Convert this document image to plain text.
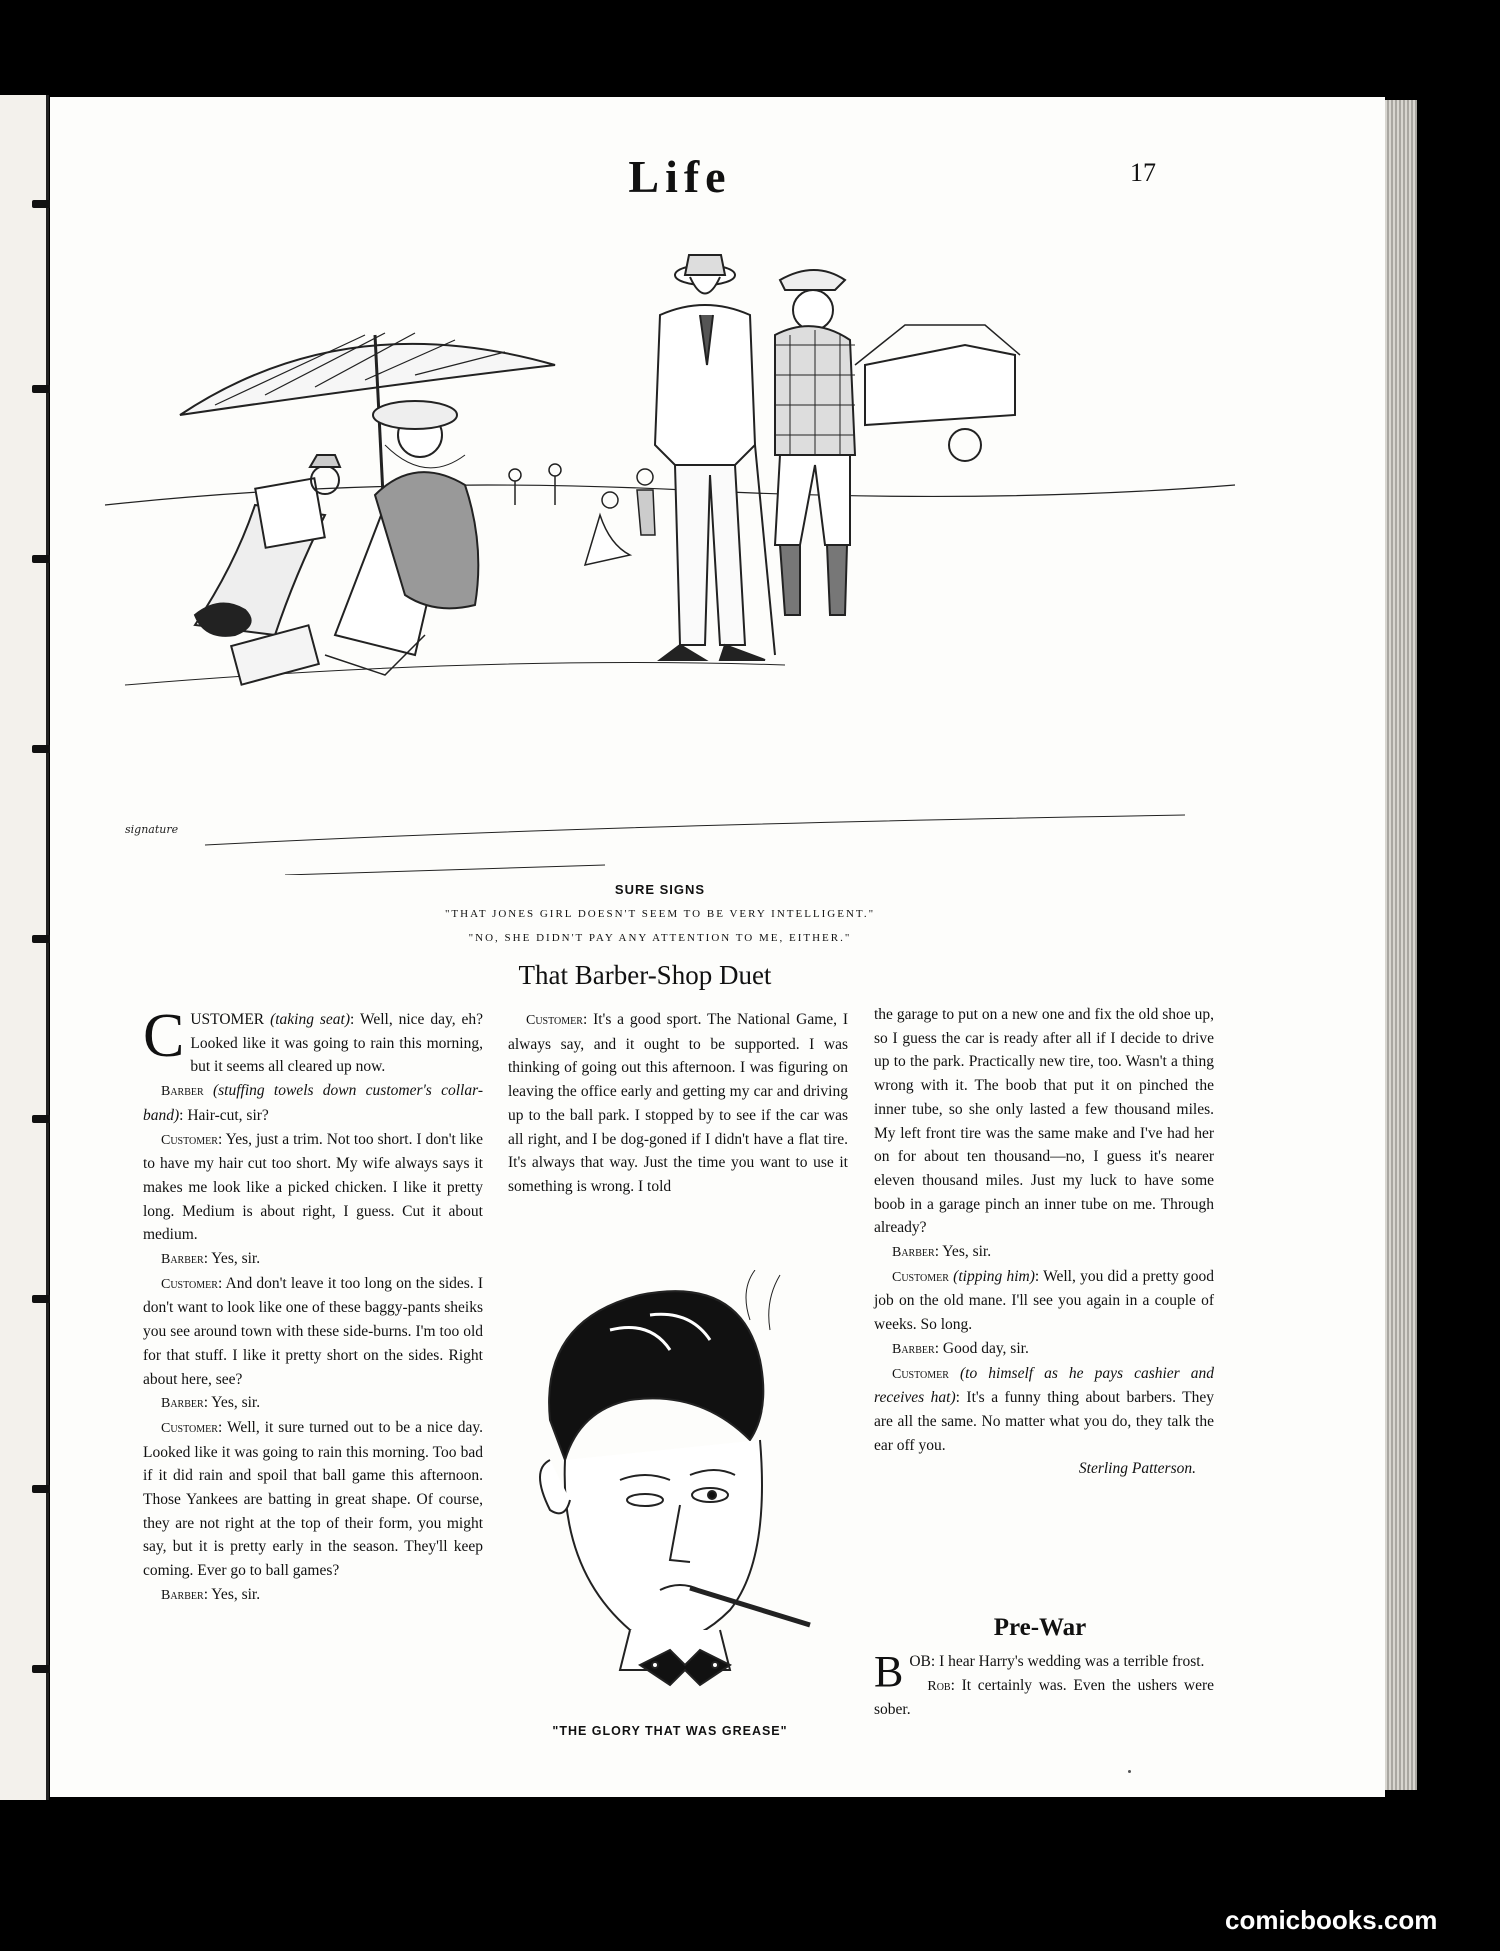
Life	17
signature
SURE SIGNS
"THAT JONES GIRL DOESN'T SEEM TO BE VERY INTELLIGENT."
"NO, SHE DIDN'T PAY ANY ATTENTION TO ME, EITHER."
That Barber-Shop Duet

CUSTOMER (taking seat): Well, nice day, eh? Looked like it was going to rain this morning, but it seems all cleared up now.

Barber (stuffing towels down customer's collar-band): Hair-cut, sir?

Customer: Yes, just a trim. Not too short. I don't like to have my hair cut too short. My wife always says it makes me look like a picked chicken. I like it pretty long. Medium is about right, I guess. Cut it about medium.

Barber: Yes, sir.

Customer: And don't leave it too long on the sides. I don't want to look like one of these baggy-pants sheiks you see around town with these side-burns. I'm too old for that stuff. I like it pretty short on the sides. Right about here, see?

Barber: Yes, sir.

Customer: Well, it sure turned out to be a nice day. Looked like it was going to rain this morning. Too bad if it did rain and spoil that ball game this afternoon. Those Yankees are batting in great shape. Of course, they are not right at the top of their form, you might say, but it is pretty early in the season. They'll keep coming. Ever go to ball games?

Barber: Yes, sir.

Customer: It's a good sport. The National Game, I always say, and it ought to be supported. I was thinking of going out this afternoon. I was figuring on leaving the office early and getting my car and driving up to the ball park. I stopped by to see if the car was all right, and I be dog-goned if I didn't have a flat tire. It's always that way. Just the time you want to use it something is wrong. I told

"THE GLORY THAT WAS GREASE"

the garage to put on a new one and fix the old shoe up, so I guess the car is ready after all if I decide to drive up to the park. Practically new tire, too. Wasn't a thing wrong with it. The boob that put it on pinched the inner tube, so she only lasted a few thousand miles. My left front tire was the same make and I've had her on for about ten thousand—no, I guess it's nearer eleven thousand miles. Just my luck to have some boob in a garage pinch an inner tube on me. Through already?

Barber: Yes, sir.

Customer (tipping him): Well, you did a pretty good job on the old mane. I'll see you again in a couple of weeks. So long.

Barber: Good day, sir.

Customer (to himself as he pays cashier and receives hat): It's a funny thing about barbers. They are all the same. No matter what you do, they talk the ear off you.

Sterling Patterson.

Pre-War

BOB: I hear Harry's wedding was a terrible frost.

Rob: It certainly was. Even the ushers were sober.

comicbooks.com
